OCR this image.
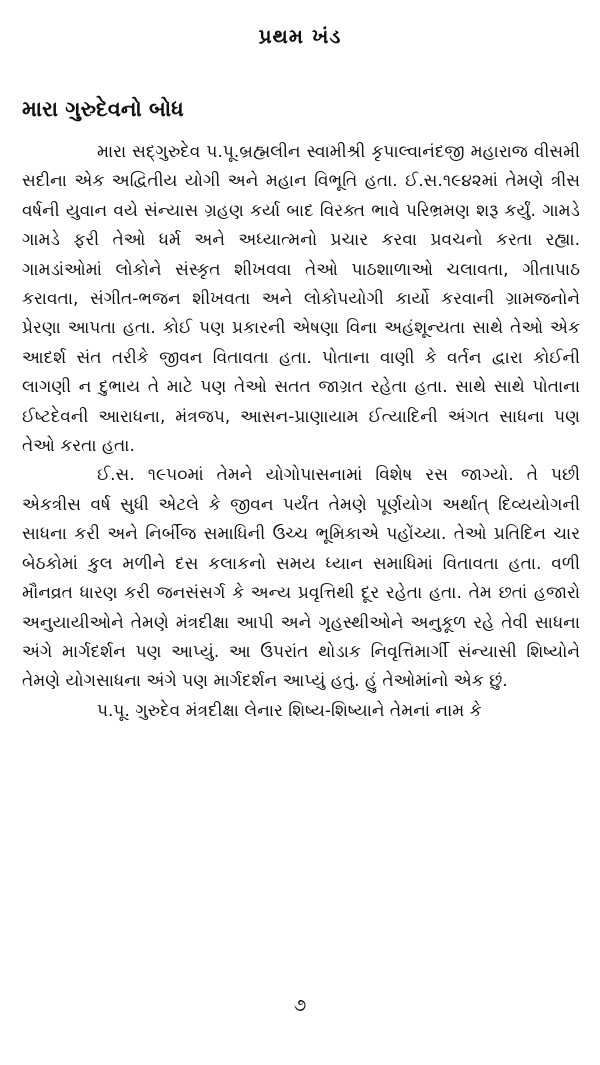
પ્રથમ ખંડ
મારા ગુરુદેવનો બોધ

મારા સદ્ગુરુદેવ પ.પૂ.બ્રહ્મલીન સ્વામીશ્રી કૃપાલ્વાનંદજી મહારાજ વીસમી સદીના એક અદ્વિતીય યોગી અને મહાન વિભૂતિ હતા. ઈ.સ.૧૯૪૨માં તેમણે ત્રીસ વર્ષની યુવાન વયે સંન્યાસ ગ્રહણ કર્યા બાદ વિરક્ત ભાવે પરિભ્રમણ શરૂ કર્યું. ગામડે ગામડે ફરી તેઓ ધર્મ અને અધ્યાત્મનો પ્રચાર કરવા પ્રવચનો કરતા રહ્યા. ગામડાંઓમાં લોકોને સંસ્કૃત શીખવવા તેઓ પાઠશાળાઓ ચલાવતા, ગીતાપાઠ કરાવતા, સંગીત-ભજન શીખવતા અને લોકોપયોગી કાર્યો કરવાની ગ્રામજનોને પ્રેરણા આપતા હતા. કોઈ પણ પ્રકારની એષણા વિના અહંશૂન્યતા સાથે તેઓ એક આદર્શ સંત તરીકે જીવન વિતાવતા હતા. પોતાના વાણી કે વર્તન દ્વારા કોઈની લાગણી ન દુભાય તે માટે પણ તેઓ સતત જાગ્રત રહેતા હતા. સાથે સાથે પોતાના ઈષ્ટદેવની આરાધના, મંત્રજપ, આસન-પ્રાણાયામ ઈત્યાદિની અંગત સાધના પણ તેઓ કરતા હતા.

ઈ.સ. ૧૯૫૦માં તેમને યોગોપાસનામાં વિશેષ રસ જાગ્યો. તે પછી એકત્રીસ વર્ષ સુધી એટલે કે જીવન પર્યંત તેમણે પૂર્ણયોગ અર્થાત્ દિવ્યયોગની સાધના કરી અને નિર્બીજ સમાધિની ઉચ્ચ ભૂમિકાએ પહોંચ્યા. તેઓ પ્રતિદિન ચાર બેઠકોમાં કુલ મળીને દસ કલાકનો સમય ધ્યાન સમાધિમાં વિતાવતા હતા. વળી મૌનવ્રત ધારણ કરી જનસંસર્ગ કે અન્ય પ્રવૃત્તિથી દૂર રહેતા હતા. તેમ છતાં હજારો અનુયાયીઓને તેમણે મંત્રદીક્ષા આપી અને ગૃહસ્થીઓને અનુકૂળ રહે તેવી સાધના અંગે માર્ગદર્શન પણ આપ્યું. આ ઉપરાંત થોડાક નિવૃત્તિમાર્ગી સંન્યાસી શિષ્યોને તેમણે યોગસાધના અંગે પણ માર્ગદર્શન આપ્યું હતું. હું તેઓમાંનો એક છું.

પ.પૂ. ગુરુદેવ મંત્રદીક્ષા લેનાર શિષ્ય-શિષ્યાને તેમનાં નામ કે

૭
